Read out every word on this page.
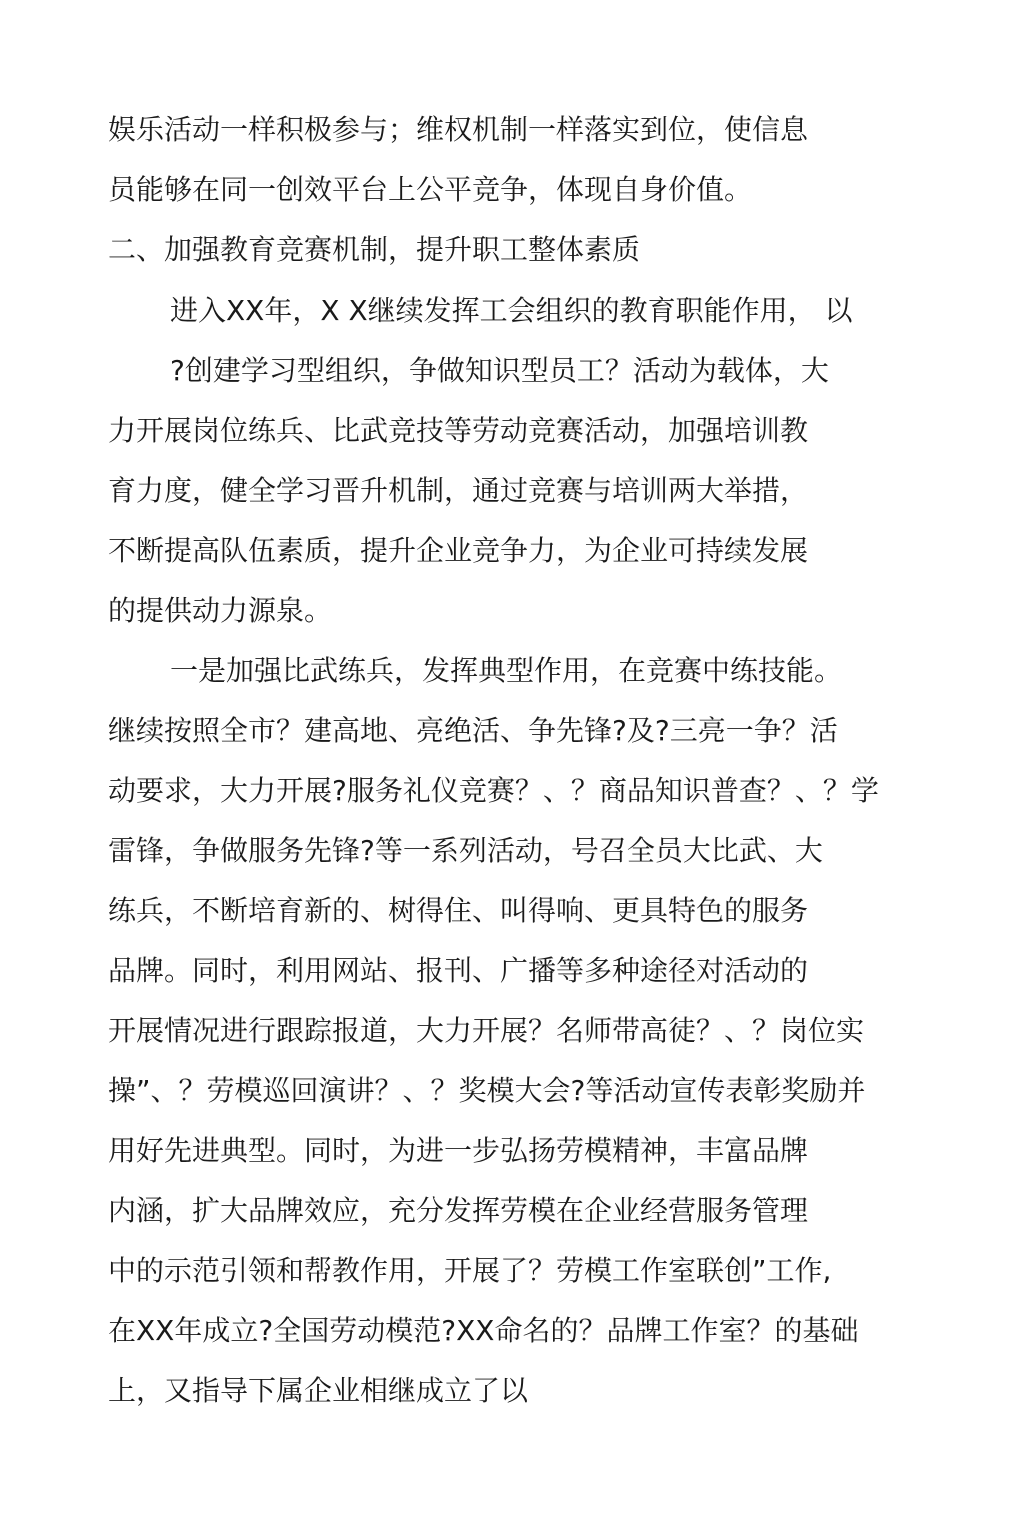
娱乐活动一样积极参与；维权机制一样落实到位，使信息
员能够在同一创效平台上公平竞争，体现自身价值。
二、加强教育竞赛机制，提升职工整体素质
进入XX年，X X继续发挥工会组织的教育职能作用， 以
?创建学习型组织，争做知识型员工？活动为载体，大
力开展岗位练兵、比武竞技等劳动竞赛活动，加强培训教
育力度，健全学习晋升机制，通过竞赛与培训两大举措，
不断提高队伍素质，提升企业竞争力，为企业可持续发展
的提供动力源泉。
一是加强比武练兵，发挥典型作用，在竞赛中练技能。
继续按照全市？建高地、亮绝活、争先锋?及?三亮一争？活
动要求，大力开展?服务礼仪竞赛？、？商品知识普查？、？学
雷锋，争做服务先锋?等一系列活动，号召全员大比武、大
练兵，不断培育新的、树得住、叫得响、更具特色的服务
品牌。同时，利用网站、报刊、广播等多种途径对活动的
开展情况进行跟踪报道，大力开展？名师带高徒？、？岗位实
操”、？劳模巡回演讲？、？奖模大会?等活动宣传表彰奖励并
用好先进典型。同时，为进一步弘扬劳模精神，丰富品牌
内涵，扩大品牌效应，充分发挥劳模在企业经营服务管理
中的示范引领和帮教作用，开展了？劳模工作室联创”工作,
在XX年成立?全国劳动模范?XX命名的？品牌工作室？的基础
上，又指导下属企业相继成立了以
